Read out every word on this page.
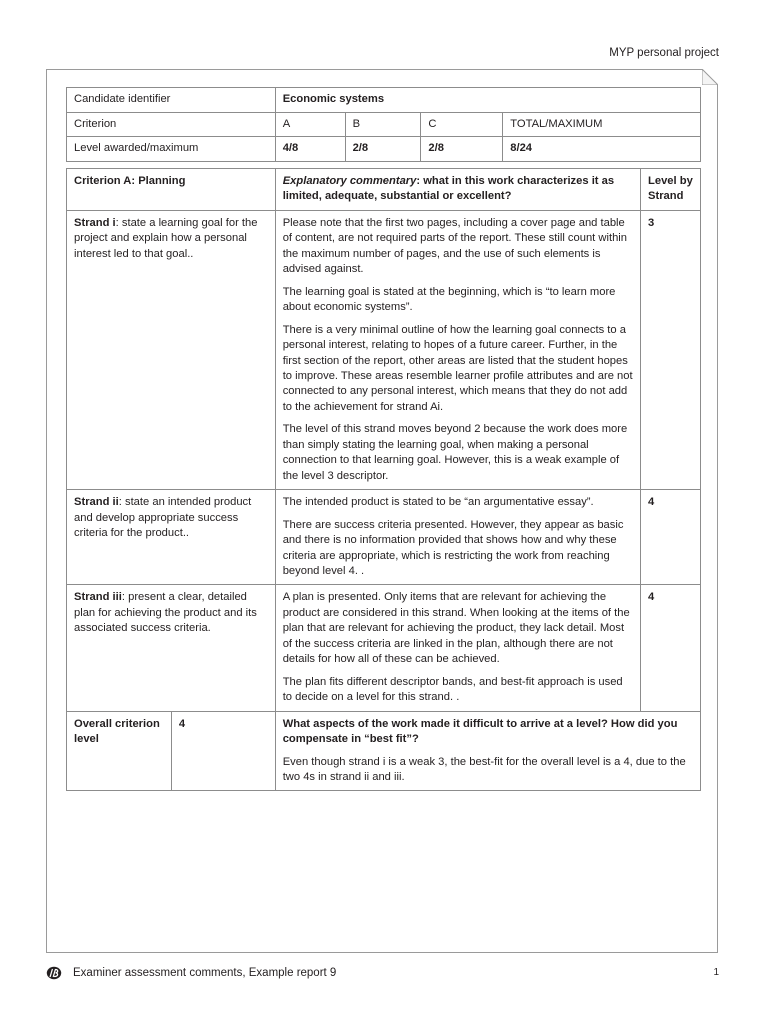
MYP personal project
Candidate identifier	Economic systems			
Criterion	A	B	C	TOTAL/MAXIMUM
Level awarded/maximum	4/8	2/8	2/8	8/24
Criterion A: Planning		Explanatory commentary: what in this work characterizes it as limited, adequate, substantial or excellent?	Level by Strand
Strand i: state a learning goal for the project and explain how a personal interest led to that goal..		Please note that the first two pages, including a cover page and table of content, are not required parts of the report. These still count within the maximum number of pages, and the use of such elements is advised against.

The learning goal is stated at the beginning, which is “to learn more about economic systems”.

There is a very minimal outline of how the learning goal connects to a personal interest, relating to hopes of a future career. Further, in the first section of the report, other areas are listed that the student hopes to improve. These areas resemble learner profile attributes and are not connected to any personal interest, which means that they do not add to the achievement for strand Ai.

The level of this strand moves beyond 2 because the work does more than simply stating the learning goal, when making a personal connection to that learning goal. However, this is a weak example of the level 3 descriptor.	3
Strand ii: state an intended product and develop appropriate success criteria for the product..		The intended product is stated to be “an argumentative essay”.

There are success criteria presented. However, they appear as basic and there is no information provided that shows how and why these criteria are appropriate, which is restricting the work from reaching beyond level 4. .	4
Strand iii: present a clear, detailed plan for achieving the product and its associated success criteria.		A plan is presented. Only items that are relevant for achieving the product are considered in this strand. When looking at the items of the plan that are relevant for achieving the product, they lack detail. Most of the success criteria are linked in the plan, although there are not details for how all of these can be achieved.

The plan fits different descriptor bands, and best-fit approach is used to decide on a level for this strand. .	4
Overall criterion level	4	What aspects of the work made it difficult to arrive at a level? How did you compensate in “best fit”?

Even though strand i is a weak 3, the best-fit for the overall level is a 4, due to the two 4s in strand ii and iii.	

Examiner assessment comments, Example report 9	1
